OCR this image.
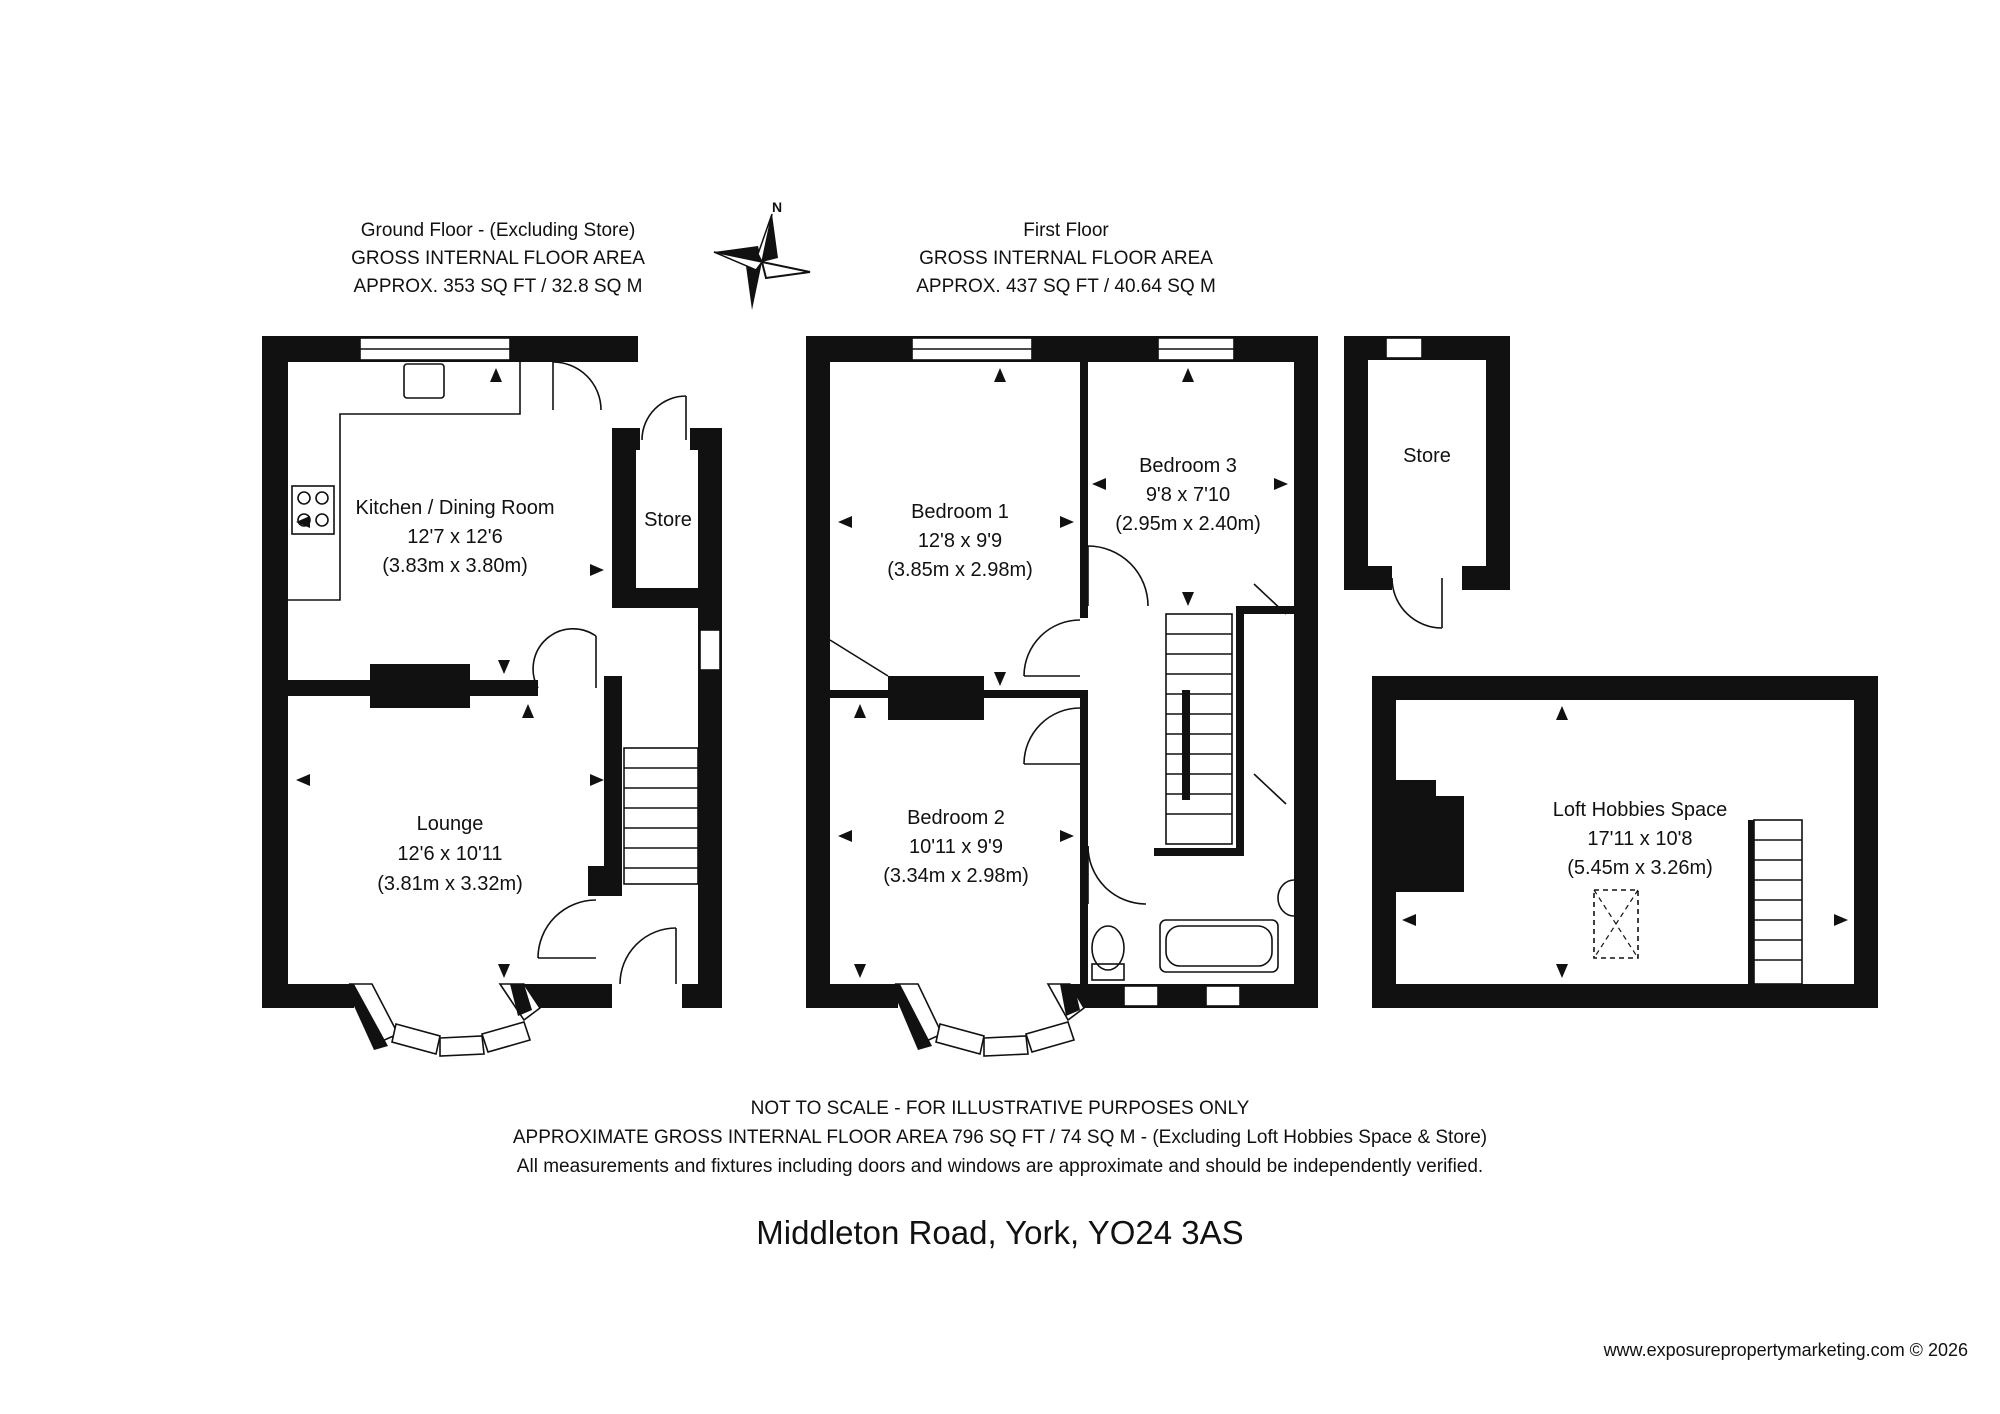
Ground Floor - (Excluding Store)
GROSS INTERNAL FLOOR AREA
APPROX. 353 SQ FT / 32.8 SQ M
First Floor
GROSS INTERNAL FLOOR AREA
APPROX. 437 SQ FT / 40.64 SQ M
N
Kitchen / Dining Room
12'7 x 12'6
(3.83m x 3.80m)
Lounge
12'6 x 10'11
(3.81m x 3.32m)
Store	Bedroom 1
12'8 x 9'9
(3.85m x 2.98m)
Bedroom 3
9'8 x 7'10
(2.95m x 2.40m)
Bedroom 2
10'11 x 9'9
(3.34m x 2.98m)
Store
Loft Hobbies Space
17'11 x 10'8
(5.45m x 3.26m)
NOT TO SCALE - FOR ILLUSTRATIVE PURPOSES ONLY
APPROXIMATE GROSS INTERNAL FLOOR AREA 796 SQ FT / 74 SQ M - (Excluding Loft Hobbies Space & Store)
All measurements and fixtures including doors and windows are approximate and should be independently verified.
Middleton Road, York, YO24 3AS
www.exposurepropertymarketing.com © 2026
